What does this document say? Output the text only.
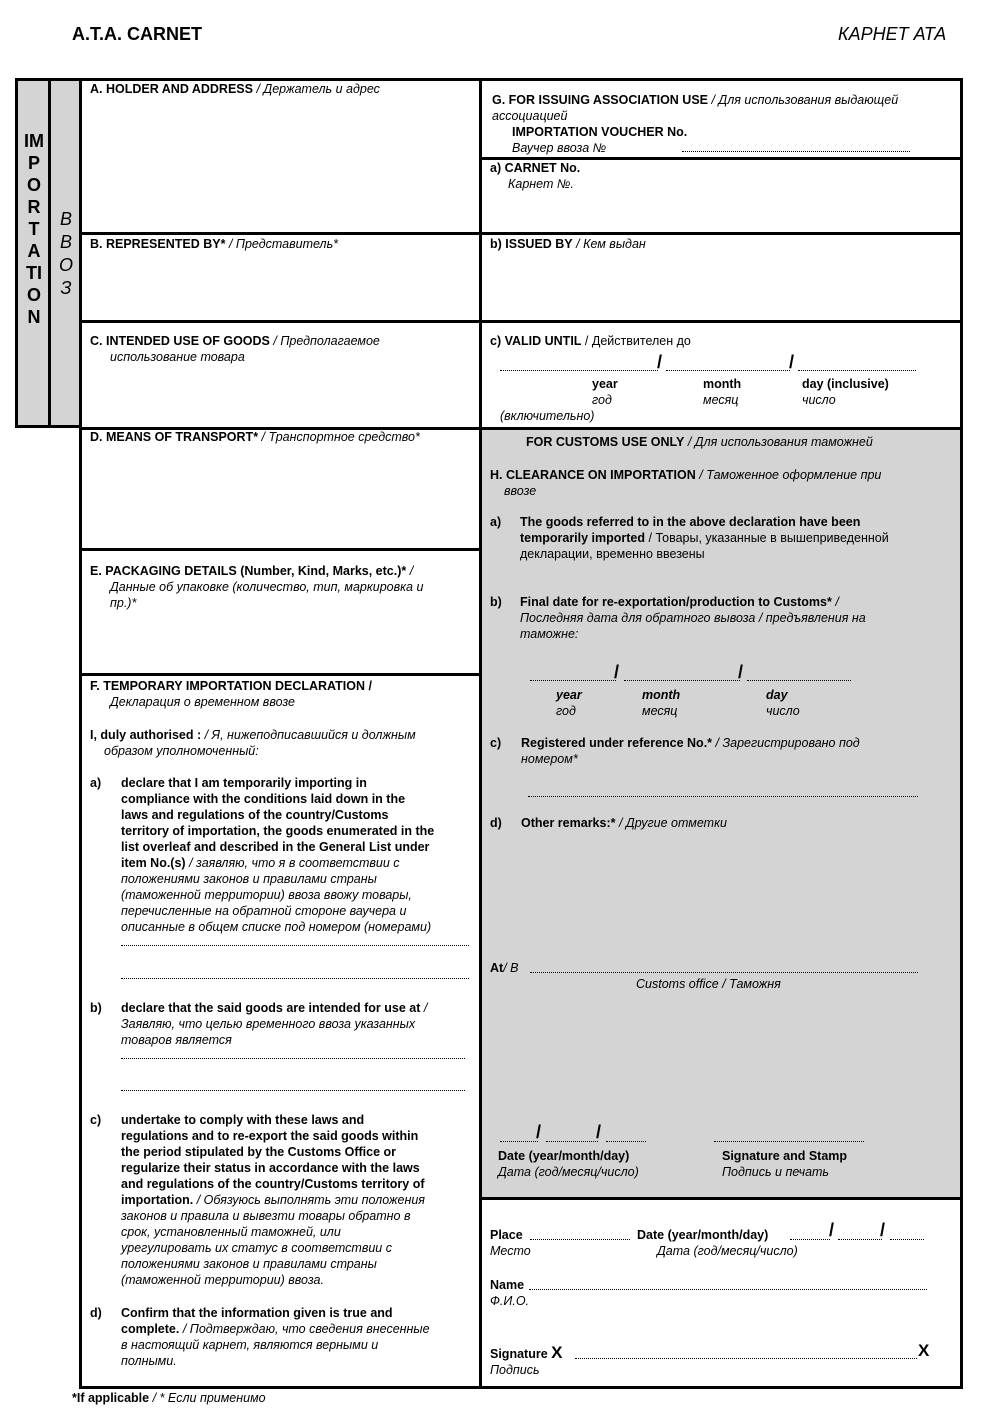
A.T.A. CARNET	КАРНЕТ АТА
IMPORTATION
ВВОЗ
A. HOLDER AND ADDRESS / Держатель и адрес
B. REPRESENTED BY* / Представитель*
C. INTENDED USE OF GOODS / Предполагаемое
использование товара
D. MEANS OF TRANSPORT* / Транспортное средство*
E. PACKAGING DETAILS (Number, Kind, Marks, etc.)* /
Данные об упаковке (количество, тип, маркировка и
пр.)*
F. TEMPORARY IMPORTATION DECLARATION /
Декларация о временном ввозе
I, duly authorised : / Я, нижеподписавшийся и должным
образом уполномоченный:
a) declare that I am temporarily importing in
compliance with the conditions laid down in the
laws and regulations of the country/Customs
territory of importation, the goods enumerated in the
list overleaf and described in the General List under
item No.(s) / заявляю, что я в соответствии с
положениями законов и правилами страны
(таможенной территории) ввоза ввожу товары,
перечисленные на обратной стороне ваучера и
описанные в общем списке под номером (номерами)
b) declare that the said goods are intended for use at /
Заявляю, что целью временного ввоза указанных
товаров является
c) undertake to comply with these laws and
regulations and to re-export the said goods within
the period stipulated by the Customs Office or
regularize their status in accordance with the laws
and regulations of the country/Customs territory of
importation. / Обязуюсь выполнять эти положения
законов и правила и вывезти товары обратно в
срок, установленный таможней, или
урегулировать их статус в соответствии с
положениями законов и правилами страны
(таможенной территории) ввоза.
d) Confirm that the information given is true and
complete. / Подтверждаю, что сведения внесенные
в настоящий карнет, являются верными и
полными.
G. FOR ISSUING ASSOCIATION USE / Для использования выдающей
ассоциацией
IMPORTATION VOUCHER No.
Ваучер ввоза №
a) CARNET No.
Карнет №.
b) ISSUED BY / Кем выдан
c) VALID UNTIL / Действителен до
/	/
year
год
month
месяц
day (inclusive)
число
(включительно)
FOR CUSTOMS USE ONLY / Для использования таможней
H. CLEARANCE ON IMPORTATION / Таможенное оформление при
ввозе
a) The goods referred to in the above declaration have been
temporarily imported / Товары, указанные в вышеприведенной
декларации, временно ввезены
b) Final date for re-exportation/production to Customs* /
Последняя дата для обратного вывоза / предъявления на
таможне:
/	/
year
год
month
месяц
day
число
c) Registered under reference No.* / Зарегистрировано под
номером*
d) Other remarks:* / Другие отметки
At/ В
Customs office / Таможня
/	/
Date (year/month/day)
Дата (год/месяц/число)
Signature and Stamp
Подпись и печать
Place
Место
Date (year/month/day)
Дата (год/месяц/число)
/	/
Name
Ф.И.О.
Signature X
Подпись
X
*If applicable / * Если применимо
